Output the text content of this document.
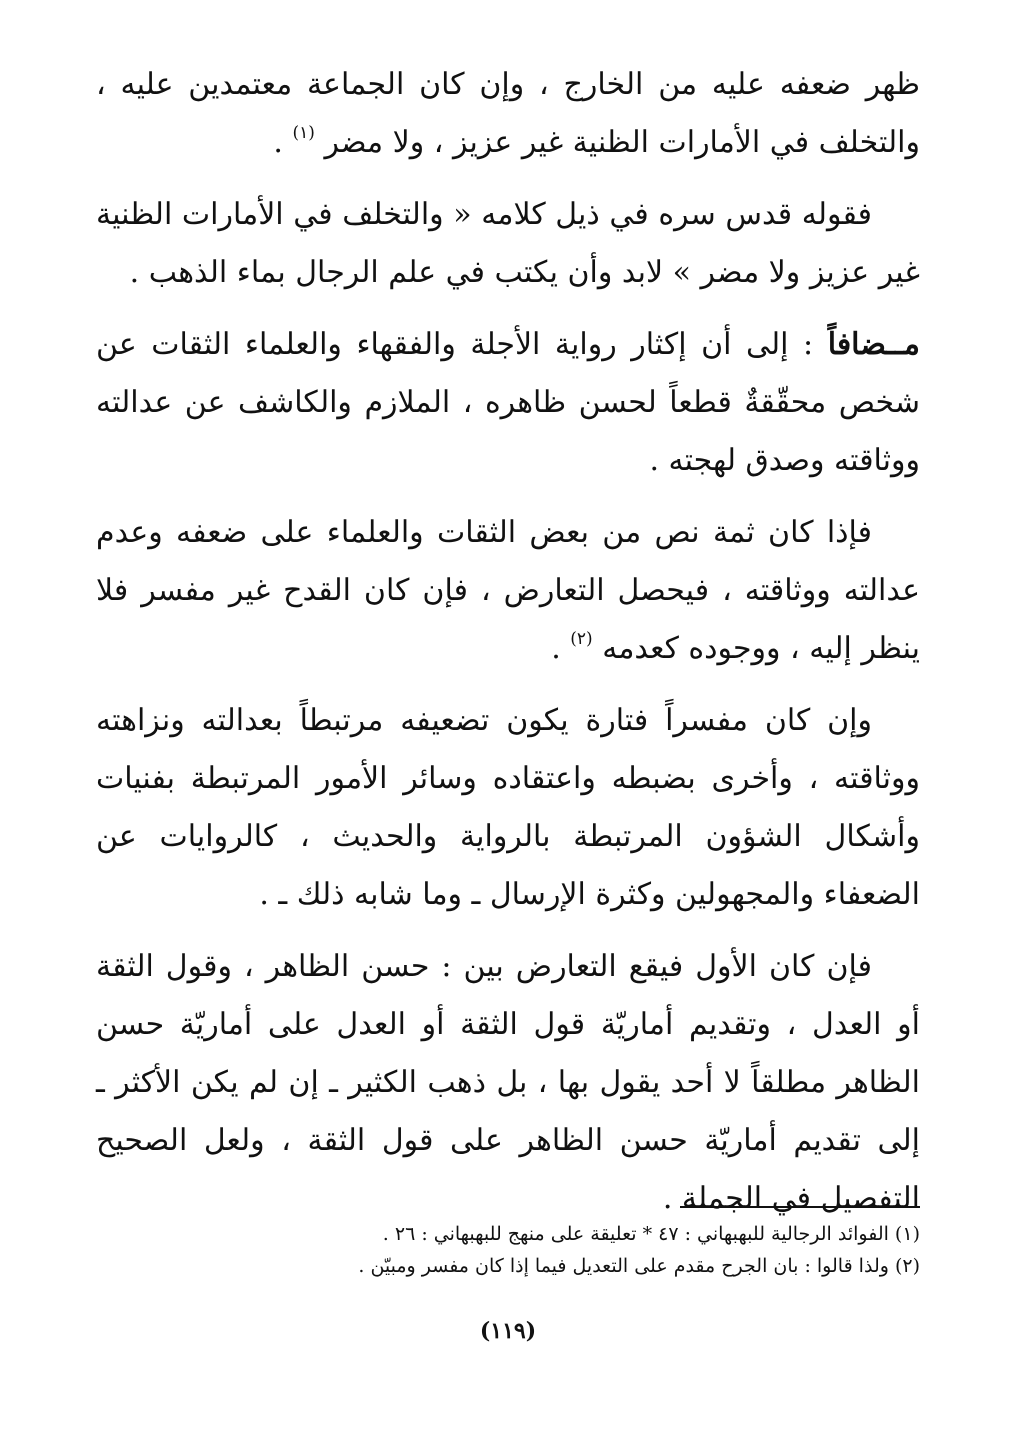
ظهر ضعفه عليه من الخارج ، وإن كان الجماعة معتمدين عليه ، والتخلف في الأمارات الظنية غير عزيز ، ولا مضر $^{(١)}$ .

فقوله قدس سره في ذيل كلامه « والتخلف في الأمارات الظنية غير عزيز ولا مضر » لابد وأن يكتب في علم الرجال بماء الذهب .

مــضافاً : إلى أن إكثار رواية الأجلة والفقهاء والعلماء الثقات عن شخص محقّقةٌ قطعاً لحسن ظاهره ، الملازم والكاشف عن عدالته ووثاقته وصدق لهجته .

فإذا كان ثمة نص من بعض الثقات والعلماء على ضعفه وعدم عدالته ووثاقته ، فيحصل التعارض ، فإن كان القدح غير مفسر فلا ينظر إليه ، ووجوده كعدمه $^{(٢)}$ .

وإن كان مفسراً فتارة يكون تضعيفه مرتبطاً بعدالته ونزاهته ووثاقته ، وأخرى بضبطه واعتقاده وسائر الأمور المرتبطة بفنيات وأشكال الشؤون المرتبطة بالرواية والحديث ، كالروايات عن الضعفاء والمجهولين وكثرة الإرسال ـ وما شابه ذلك ـ .

فإن كان الأول فيقع التعارض بين : حسن الظاهر ، وقول الثقة أو العدل ، وتقديم أماريّة قول الثقة أو العدل على أماريّة حسن الظاهر مطلقاً لا أحد يقول بها ، بل ذهب الكثير ـ إن لم يكن الأكثر ـ إلى تقديم أماريّة حسن الظاهر على قول الثقة ، ولعل الصحيح التفصيل في الجملة .

(١) الفوائد الرجالية للبهبهاني : ٤٧ * تعليقة على منهج للبهبهاني : ٢٦ .

(٢) ولذا قالوا : بان الجرح مقدم على التعديل فيما إذا كان مفسر ومبيّن .

(١١٩)
